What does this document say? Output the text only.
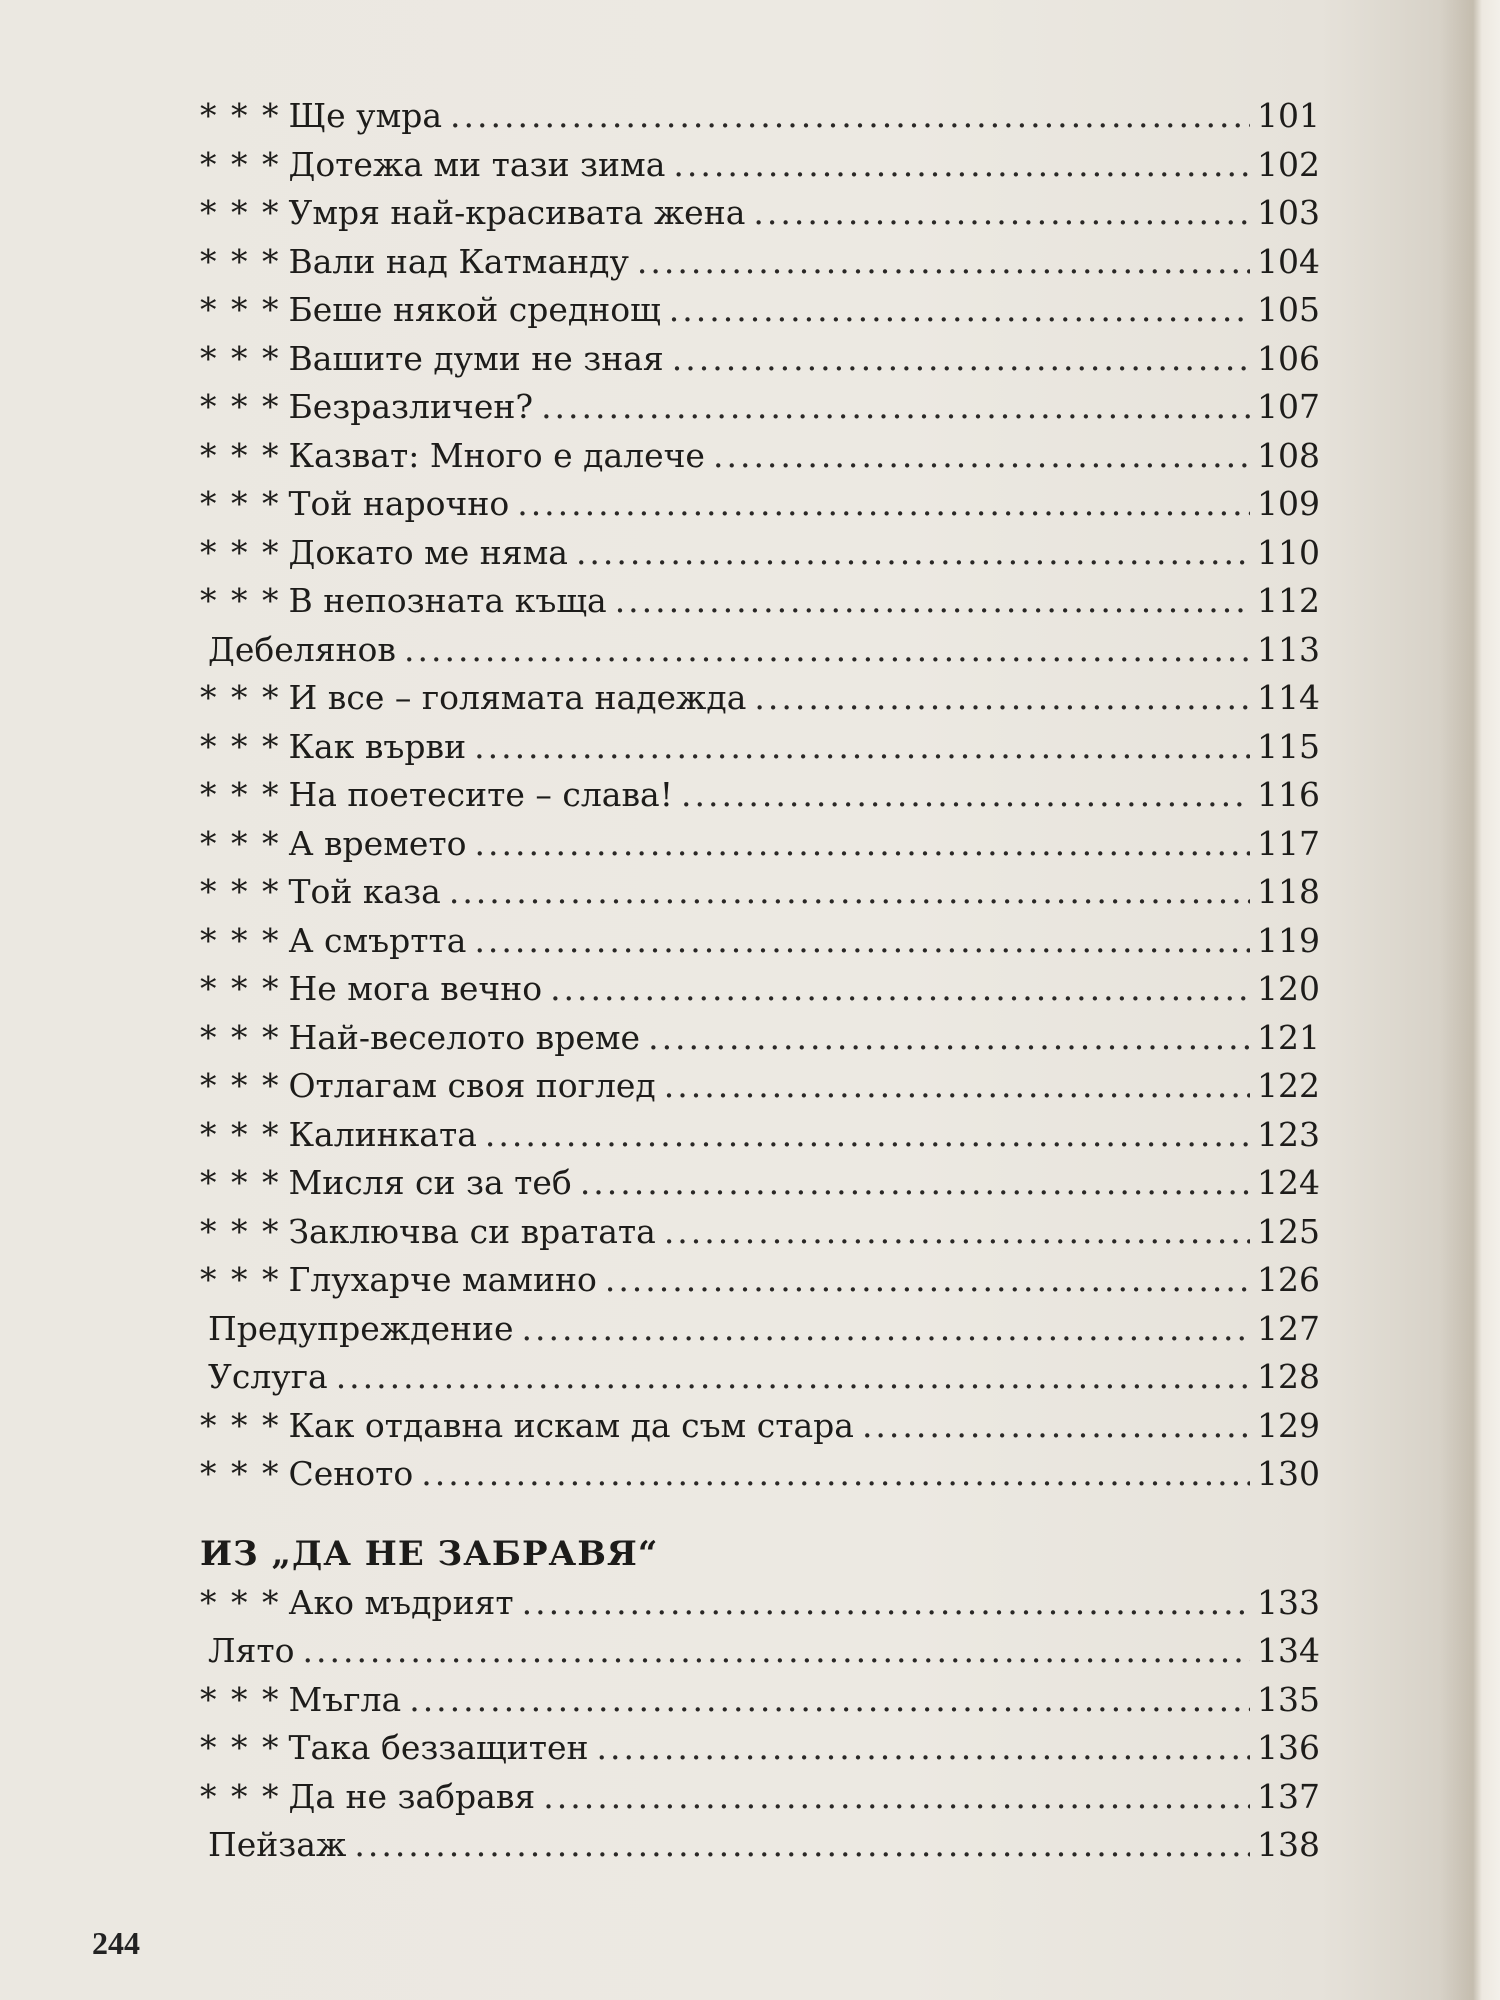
* * * Ще умра .....	101
* * * Дотежа ми тази зима .....	102
* * * Умря най-красивата жена .....	103
* * * Вали над Катманду .....	104
* * * Беше някой среднощ .....	105
* * * Вашите думи не зная .....	106
* * * Безразличен? .....	107
* * * Казват: Много е далече .....	108
* * * Той нарочно .....	109
* * * Докато ме няма .....	110
* * * В непозната къща .....	112
Дебелянов .....	113
* * * И все – голямата надежда .....	114
* * * Как върви .....	115
* * * На поетесите – слава! .....	116
* * * А времето .....	117
* * * Той каза .....	118
* * * А смъртта .....	119
* * * Не мога вечно .....	120
* * * Най-веселото време .....	121
* * * Отлагам своя поглед .....	122
* * * Калинката .....	123
* * * Мисля си за теб .....	124
* * * Заключва си вратата .....	125
* * * Глухарче мамино .....	126
Предупреждение .....	127
Услуга .....	128
* * * Как отдавна искам да съм стара .....	129
* * * Сеното .....	130
ИЗ „ДА НЕ ЗАБРАВЯ“
* * * Ако мъдрият .....	133
Лято .....	134
* * * Мъгла .....	135
* * * Така беззащитен .....	136
* * * Да не забравя .....	137
Пейзаж .....	138
244
